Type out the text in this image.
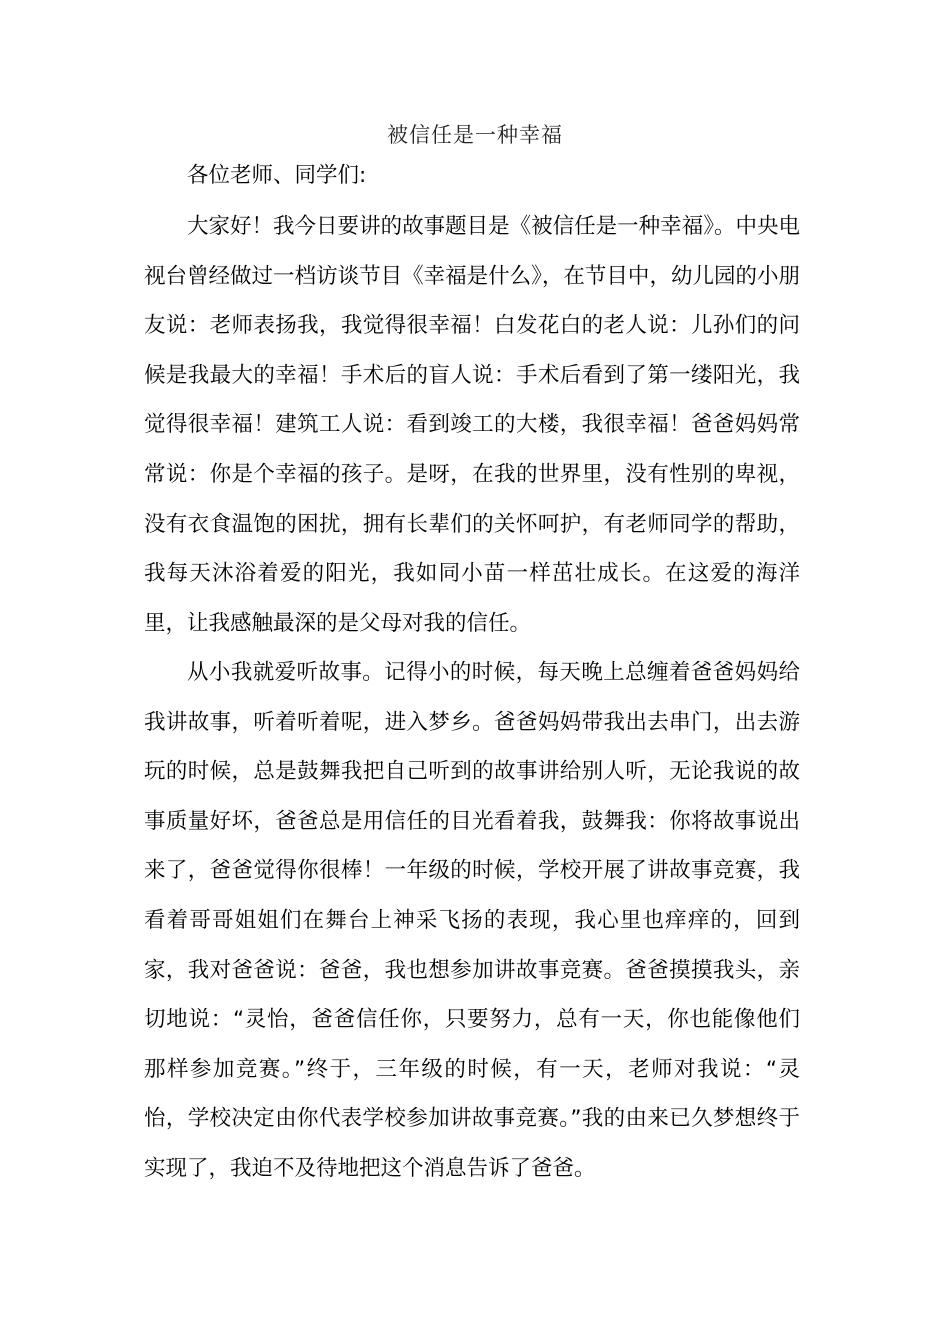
被信任是一种幸福
各位老师、同学们:

大家好！我今日要讲的故事题目是《被信任是一种幸福》。中央电视台曾经做过一档访谈节目《幸福是什么》，在节目中，幼儿园的小朋友说：老师表扬我，我觉得很幸福！白发花白的老人说：儿孙们的问候是我最大的幸福！手术后的盲人说：手术后看到了第一缕阳光，我觉得很幸福！建筑工人说：看到竣工的大楼，我很幸福！爸爸妈妈常常说：你是个幸福的孩子。是呀，在我的世界里，没有性别的卑视，没有衣食温饱的困扰，拥有长辈们的关怀呵护，有老师同学的帮助，我每天沐浴着爱的阳光，我如同小苗一样茁壮成长。在这爱的海洋里，让我感触最深的是父母对我的信任。

从小我就爱听故事。记得小的时候，每天晚上总缠着爸爸妈妈给我讲故事，听着听着呢，进入梦乡。爸爸妈妈带我出去串门，出去游玩的时候，总是鼓舞我把自己听到的故事讲给别人听，无论我说的故事质量好坏，爸爸总是用信任的目光看着我，鼓舞我：你将故事说出来了，爸爸觉得你很棒！一年级的时候，学校开展了讲故事竞赛，我看着哥哥姐姐们在舞台上神采飞扬的表现，我心里也痒痒的，回到家，我对爸爸说：爸爸，我也想参加讲故事竞赛。爸爸摸摸我头，亲切地说：“灵怡，爸爸信任你，只要努力，总有一天，你也能像他们那样参加竞赛。”终于，三年级的时候，有一天，老师对我说：“灵怡，学校决定由你代表学校参加讲故事竞赛。”我的由来已久梦想终于实现了，我迫不及待地把这个消息告诉了爸爸。
